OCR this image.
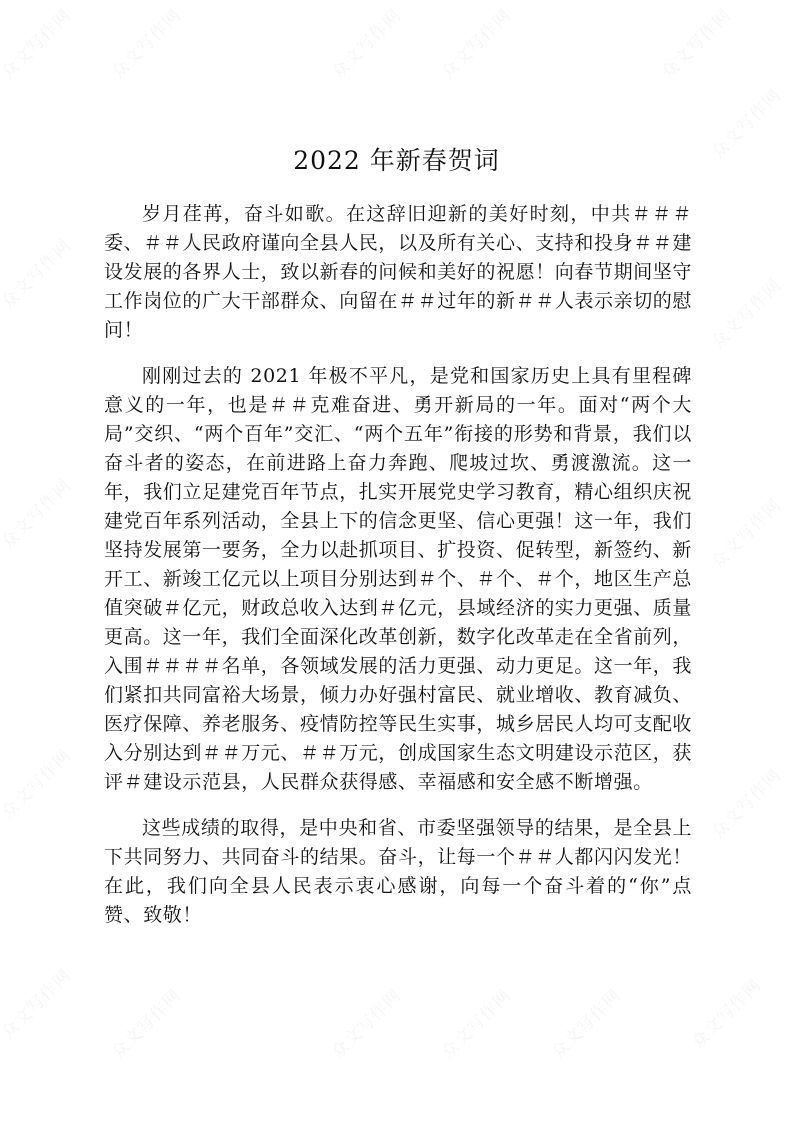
2022 年新春贺词

岁月荏苒，奋斗如歌。在这辞旧迎新的美好时刻，中共＃＃＃委、＃＃人民政府谨向全县人民，以及所有关心、支持和投身＃＃建设发展的各界人士，致以新春的问候和美好的祝愿！向春节期间坚守工作岗位的广大干部群众、向留在＃＃过年的新＃＃人表示亲切的慰问！

刚刚过去的 2021 年极不平凡，是党和国家历史上具有里程碑意义的一年，也是＃＃克难奋进、勇开新局的一年。面对“两个大局”交织、“两个百年”交汇、“两个五年”衔接的形势和背景，我们以奋斗者的姿态，在前进路上奋力奔跑、爬坡过坎、勇渡激流。这一年，我们立足建党百年节点，扎实开展党史学习教育，精心组织庆祝建党百年系列活动，全县上下的信念更坚、信心更强！这一年，我们坚持发展第一要务，全力以赴抓项目、扩投资、促转型，新签约、新开工、新竣工亿元以上项目分别达到＃个、＃个、＃个，地区生产总值突破＃亿元，财政总收入达到＃亿元，县域经济的实力更强、质量更高。这一年，我们全面深化改革创新，数字化改革走在全省前列，入围＃＃＃＃名单，各领域发展的活力更强、动力更足。这一年，我们紧扣共同富裕大场景，倾力办好强村富民、就业增收、教育减负、医疗保障、养老服务、疫情防控等民生实事，城乡居民人均可支配收入分别达到＃＃万元、＃＃万元，创成国家生态文明建设示范区，获评＃建设示范县，人民群众获得感、幸福感和安全感不断增强。

这些成绩的取得，是中央和省、市委坚强领导的结果，是全县上下共同努力、共同奋斗的结果。奋斗，让每一个＃＃人都闪闪发光！在此，我们向全县人民表示衷心感谢，向每一个奋斗着的“你”点赞、致敬！
